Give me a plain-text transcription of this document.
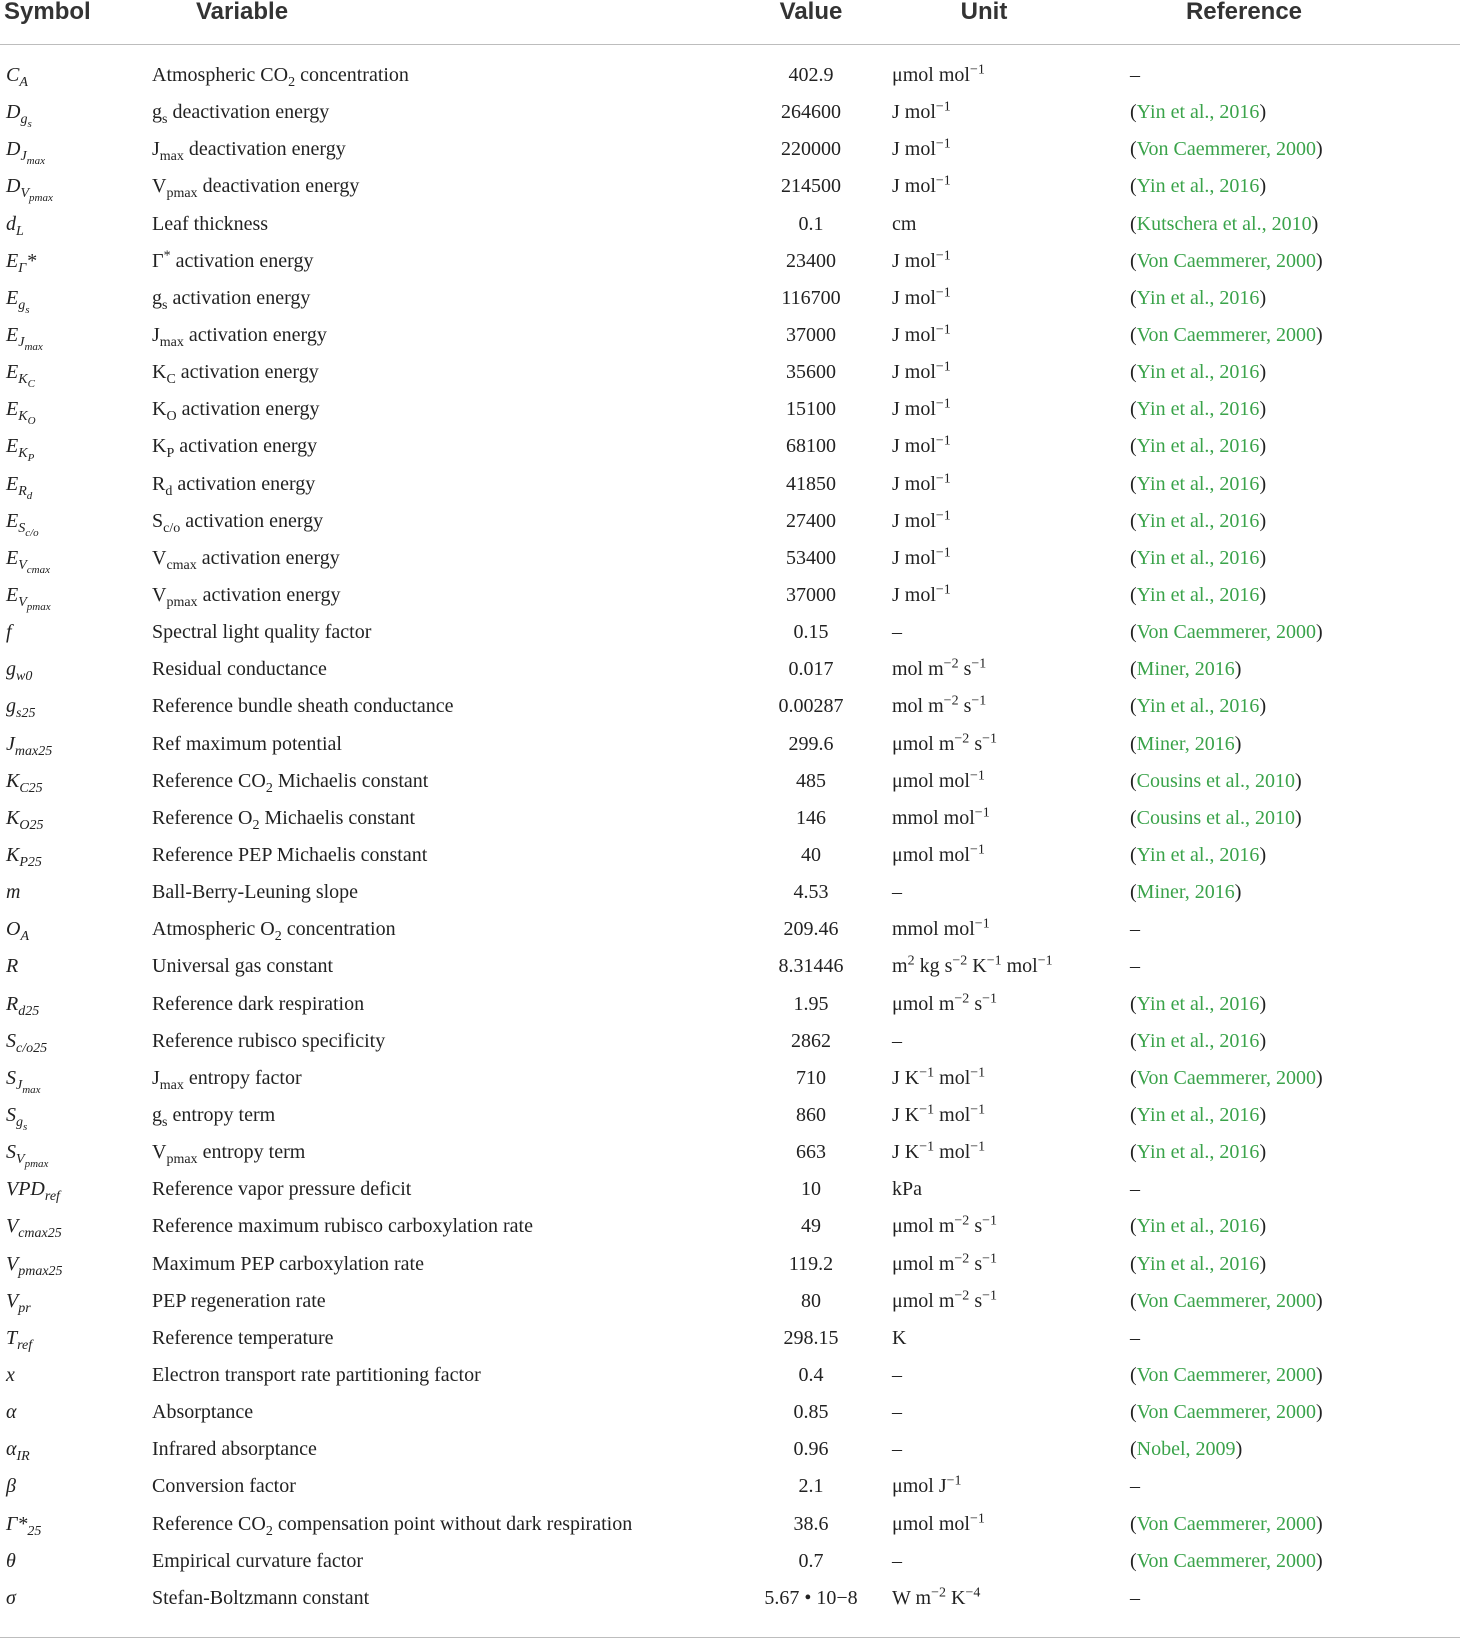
Symbol	Variable	Value	Unit	Reference
$C_A$	Atmospheric $CO_2$ concentration	402.9	μmol mol$^{-1}$	–
$D_{g_s}$	$g_s$ deactivation energy	264600	J mol$^{-1}$	(Yin et al., 2016)
$D_{J_{max}}$	$J_{max}$ deactivation energy	220000	J mol$^{-1}$	(Von Caemmerer, 2000)
$D_{V_{pmax}}$	$V_{pmax}$ deactivation energy	214500	J mol$^{-1}$	(Yin et al., 2016)
$d_L$	Leaf thickness	0.1	cm	(Kutschera et al., 2010)
$E_\Gamma*$	Γ* activation energy	23400	J mol$^{-1}$	(Von Caemmerer, 2000)
$E_{g_s}$	$g_s$ activation energy	116700	J mol$^{-1}$	(Yin et al., 2016)
$E_{J_{max}}$	$J_{max}$ activation energy	37000	J mol$^{-1}$	(Von Caemmerer, 2000)
$E_{K_C}$	$K_C$ activation energy	35600	J mol$^{-1}$	(Yin et al., 2016)
$E_{K_O}$	$K_O$ activation energy	15100	J mol$^{-1}$	(Yin et al., 2016)
$E_{K_P}$	$K_P$ activation energy	68100	J mol$^{-1}$	(Yin et al., 2016)
$E_{R_d}$	$R_d$ activation energy	41850	J mol$^{-1}$	(Yin et al., 2016)
$E_{S_{c/o}}$	$S_{c/o}$ activation energy	27400	J mol$^{-1}$	(Yin et al., 2016)
$E_{V_{cmax}}$	$V_{cmax}$ activation energy	53400	J mol$^{-1}$	(Yin et al., 2016)
$E_{V_{pmax}}$	$V_{pmax}$ activation energy	37000	J mol$^{-1}$	(Yin et al., 2016)
f	Spectral light quality factor	0.15	–	(Von Caemmerer, 2000)
$g_{w0}$	Residual conductance	0.017	mol $m^{-2}$ $s^{-1}$	(Miner, 2016)
$g_{s25}$	Reference bundle sheath conductance	0.00287	mol $m^{-2}$ $s^{-1}$	(Yin et al., 2016)
$J_{max25}$	Ref maximum potential	299.6	μmol $m^{-2}$ $s^{-1}$	(Miner, 2016)
$K_{C25}$	Reference $CO_2$ Michaelis constant	485	μmol mol$^{-1}$	(Cousins et al., 2010)
$K_{O25}$	Reference $O_2$ Michaelis constant	146	mmol mol$^{-1}$	(Cousins et al., 2010)
$K_{P25}$	Reference PEP Michaelis constant	40	μmol mol$^{-1}$	(Yin et al., 2016)
m	Ball-Berry-Leuning slope	4.53	–	(Miner, 2016)
$O_A$	Atmospheric $O_2$ concentration	209.46	mmol mol$^{-1}$	–
R	Universal gas constant	8.31446	$m^2$ kg $s^{-2}$ $K^{-1}$ mol$^{-1}$	–
$R_{d25}$	Reference dark respiration	1.95	μmol $m^{-2}$ $s^{-1}$	(Yin et al., 2016)
$S_{c/o25}$	Reference rubisco specificity	2862	–	(Yin et al., 2016)
$S_{J_{max}}$	$J_{max}$ entropy factor	710	J $K^{-1}$ mol$^{-1}$	(Von Caemmerer, 2000)
$S_{g_s}$	$g_s$ entropy term	860	J $K^{-1}$ mol$^{-1}$	(Yin et al., 2016)
$S_{V_{pmax}}$	$V_{pmax}$ entropy term	663	J $K^{-1}$ mol$^{-1}$	(Yin et al., 2016)
$VPD_{ref}$	Reference vapor pressure deficit	10	kPa	–
$V_{cmax25}$	Reference maximum rubisco carboxylation rate	49	μmol $m^{-2}$ $s^{-1}$	(Yin et al., 2016)
$V_{pmax25}$	Maximum PEP carboxylation rate	119.2	μmol $m^{-2}$ $s^{-1}$	(Yin et al., 2016)
$V_{pr}$	PEP regeneration rate	80	μmol $m^{-2}$ $s^{-1}$	(Von Caemmerer, 2000)
$T_{ref}$	Reference temperature	298.15	K	–
x	Electron transport rate partitioning factor	0.4	–	(Von Caemmerer, 2000)
α	Absorptance	0.85	–	(Von Caemmerer, 2000)
$\alpha_{IR}$	Infrared absorptance	0.96	–	(Nobel, 2009)
β	Conversion factor	2.1	μmol $J^{-1}$	–
$\Gamma*_{25}$	Reference $CO_2$ compensation point without dark respiration	38.6	μmol mol$^{-1}$	(Von Caemmerer, 2000)
θ	Empirical curvature factor	0.7	–	(Von Caemmerer, 2000)
σ	Stefan-Boltzmann constant	5.67 • 10−8	W $m^{-2}$ $K^{-4}$	–
